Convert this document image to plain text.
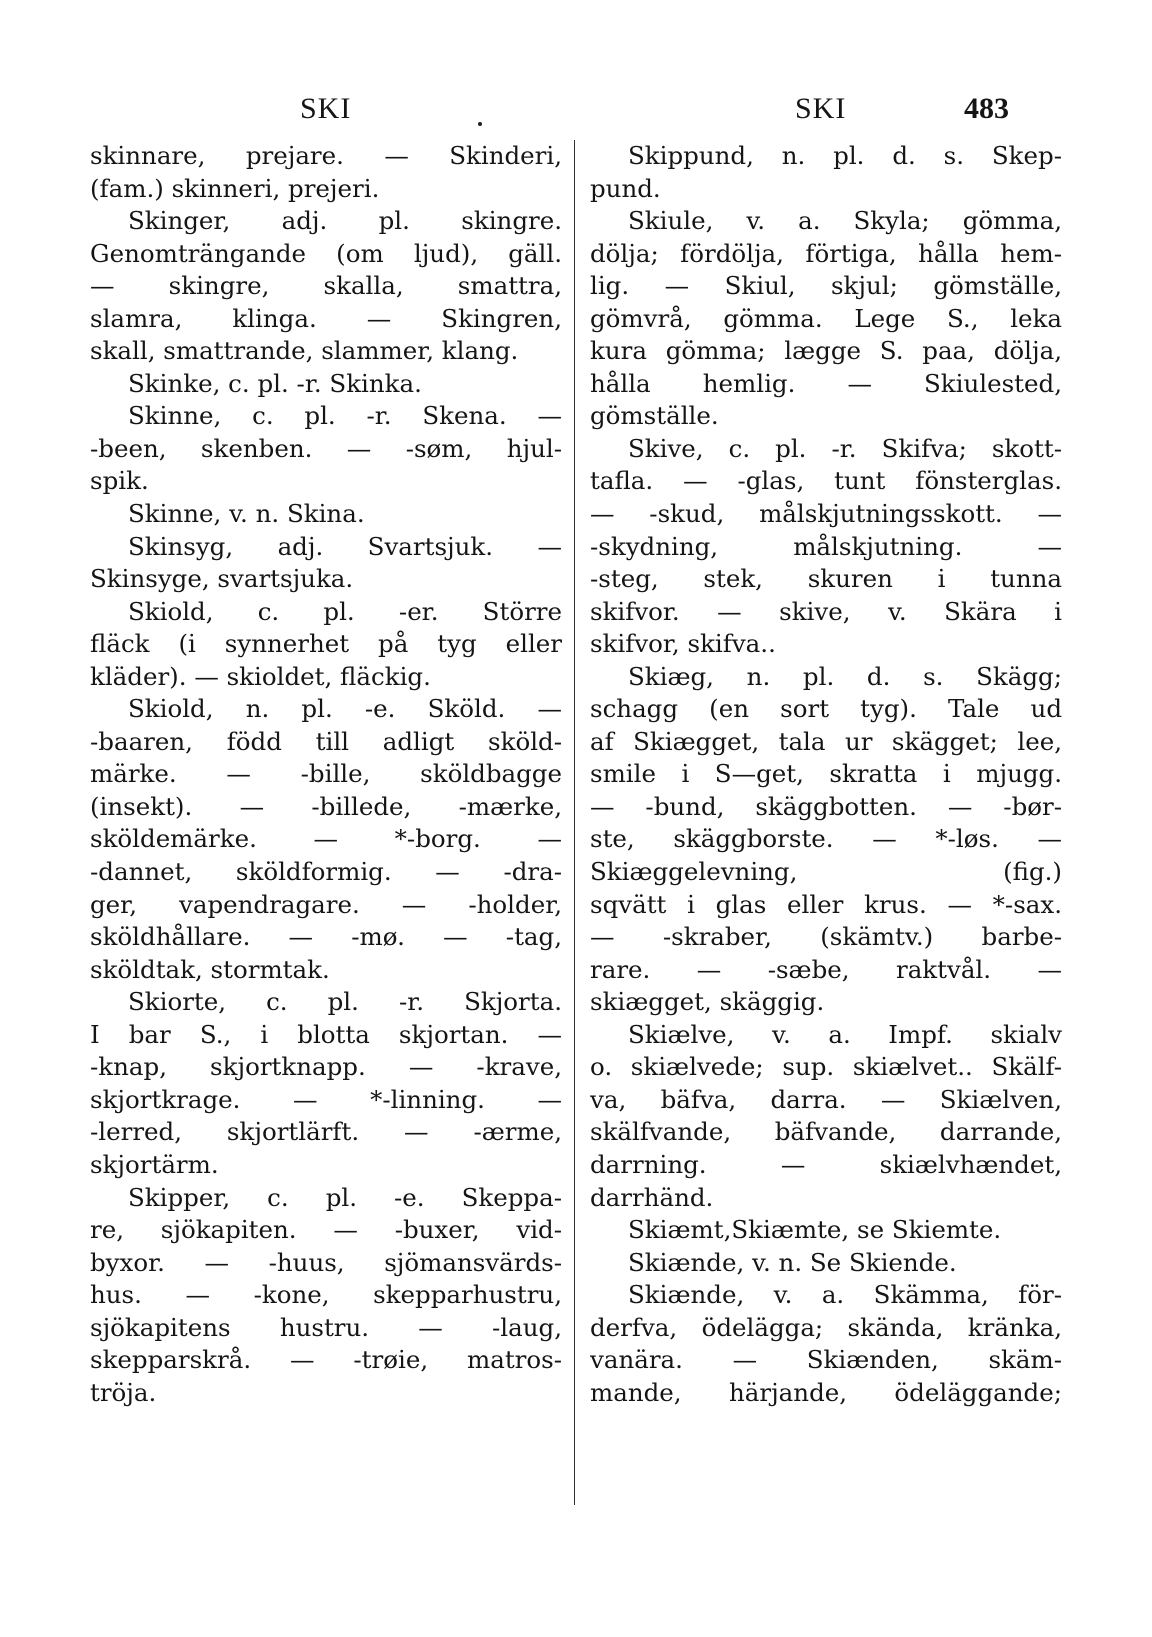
SKI	SKI	483
skinnare, prejare. — Skinderi,
(fam.) skinneri, prejeri.
Skinger, adj. pl. skingre.
Genomträngande (om ljud), gäll.
— skingre, skalla, smattra,
slamra, klinga. — Skingren,
skall, smattrande, slammer, klang.
Skinke, c. pl. -r. Skinka.
Skinne, c. pl. -r. Skena. —
-been, skenben. — -søm, hjul-
spik.
Skinne, v. n. Skina.
Skinsyg, adj. Svartsjuk. —
Skinsyge, svartsjuka.
Skiold, c. pl. -er. Större
fläck (i synnerhet på tyg eller
kläder). — skioldet, fläckig.
Skiold, n. pl. -e. Sköld. —
-baaren, född till adligt sköld-
märke. — -bille, sköldbagge
(insekt). — -billede, -mærke,
sköldemärke. — *-borg. —
-dannet, sköldformig. — -dra-
ger, vapendragare. — -holder,
sköldhållare. — -mø. — -tag,
sköldtak, stormtak.
Skiorte, c. pl. -r. Skjorta.
I bar S., i blotta skjortan. —
-knap, skjortknapp. — -krave,
skjortkrage. — *-linning. —
-lerred, skjortlärft. — -ærme,
skjortärm.
Skipper, c. pl. -e. Skeppa-
re, sjökapiten. — -buxer, vid-
byxor. — -huus, sjömansvärds-
hus. — -kone, skepparhustru,
sjökapitens hustru. — -laug,
skepparskrå. — -trøie, matros-
tröja.
Skippund, n. pl. d. s. Skep-
pund.
Skiule, v. a. Skyla; gömma,
dölja; fördölja, förtiga, hålla hem-
lig. — Skiul, skjul; gömställe,
gömvrå, gömma. Lege S., leka
kura gömma; lægge S. paa, dölja,
hålla hemlig. — Skiulested,
gömställe.
Skive, c. pl. -r. Skifva; skott-
tafla. — -glas, tunt fönsterglas.
— -skud, målskjutningsskott. —
-skydning, målskjutning. —
-steg, stek, skuren i tunna
skifvor. — skive, v. Skära i
skifvor, skifva..
Skiæg, n. pl. d. s. Skägg;
schagg (en sort tyg). Tale ud
af Skiægget, tala ur skägget; lee,
smile i S—get, skratta i mjugg.
— -bund, skäggbotten. — -bør-
ste, skäggborste. — *-løs. —
Skiæggelevning, (fig.)
sqvätt i glas eller krus. — *-sax.
— -skraber, (skämtv.) barbe-
rare. — -sæbe, raktvål. —
skiægget, skäggig.
Skiælve, v. a. Impf. skialv
o. skiælvede; sup. skiælvet.. Skälf-
va, bäfva, darra. — Skiælven,
skälfvande, bäfvande, darrande,
darrning. — skiælvhændet,
darrhänd.
Skiæmt,Skiæmte, se Skiemte.
Skiænde, v. n. Se Skiende.
Skiænde, v. a. Skämma, för-
derfva, ödelägga; skända, kränka,
vanära. — Skiænden, skäm-
mande, härjande, ödeläggande;
